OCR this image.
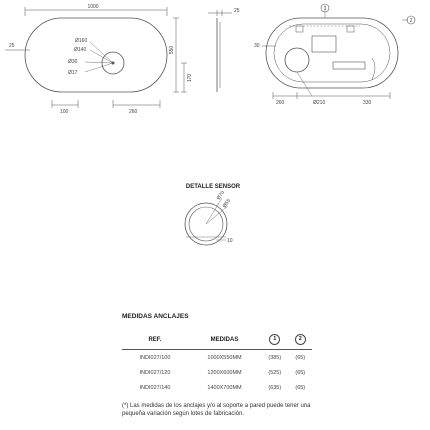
1000
550
25
Ø160
Ø140
Ø30
Ø17
170
100	260
25	1
2
30
260	Ø210	330
DETALLE SENSOR
Ø70
Ø55
10
MEDIDAS ANCLAJES
REF.	MEDIDAS	1	2
INDI027/100	1000X550MM	(385)	(65)
INDI027/120	1200X600MM	(525)	(65)
INDI027/140	1400X700MM	(635)	(65)
(*) Las medidas de los anclajes y/o al soporte a pared puede tener una pequeña variación según lotes de fabricación.
